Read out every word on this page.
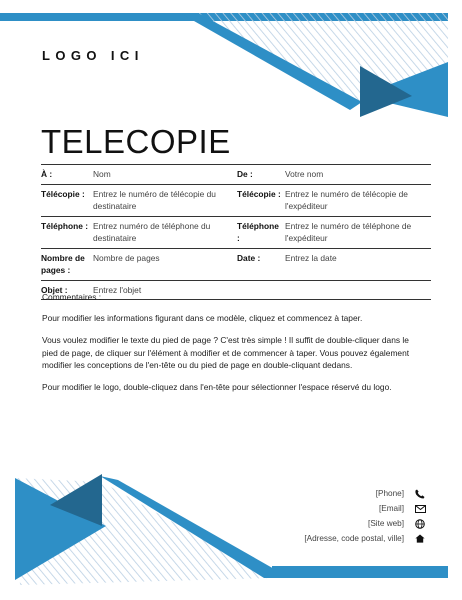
LOGO ICI
TELECOPIE
À :	Nom	De :	Votre nom
Télécopie :	Entrez le numéro de télécopie du destinataire	Télécopie :	Entrez le numéro de télécopie de l'expéditeur
Téléphone :	Entrez numéro de téléphone du destinataire	Téléphone :	Entrez le numéro de téléphone de l'expéditeur
Nombre de pages :	Nombre de pages	Date :	Entrez la date
Objet :	Entrez l'objet		
Commentaires :

Pour modifier les informations figurant dans ce modèle, cliquez et commencez à taper.

Vous voulez modifier le texte du pied de page ? C'est très simple ! Il suffit de double-cliquer dans le pied de page, de cliquer sur l'élément à modifier et de commencer à taper. Vous pouvez également modifier les conceptions de l'en-tête ou du pied de page en double-cliquant dedans.

Pour modifier le logo, double-cliquez dans l'en-tête pour sélectionner l'espace réservé du logo.

[Phone]
[Email]
[Site web]
[Adresse, code postal, ville]
